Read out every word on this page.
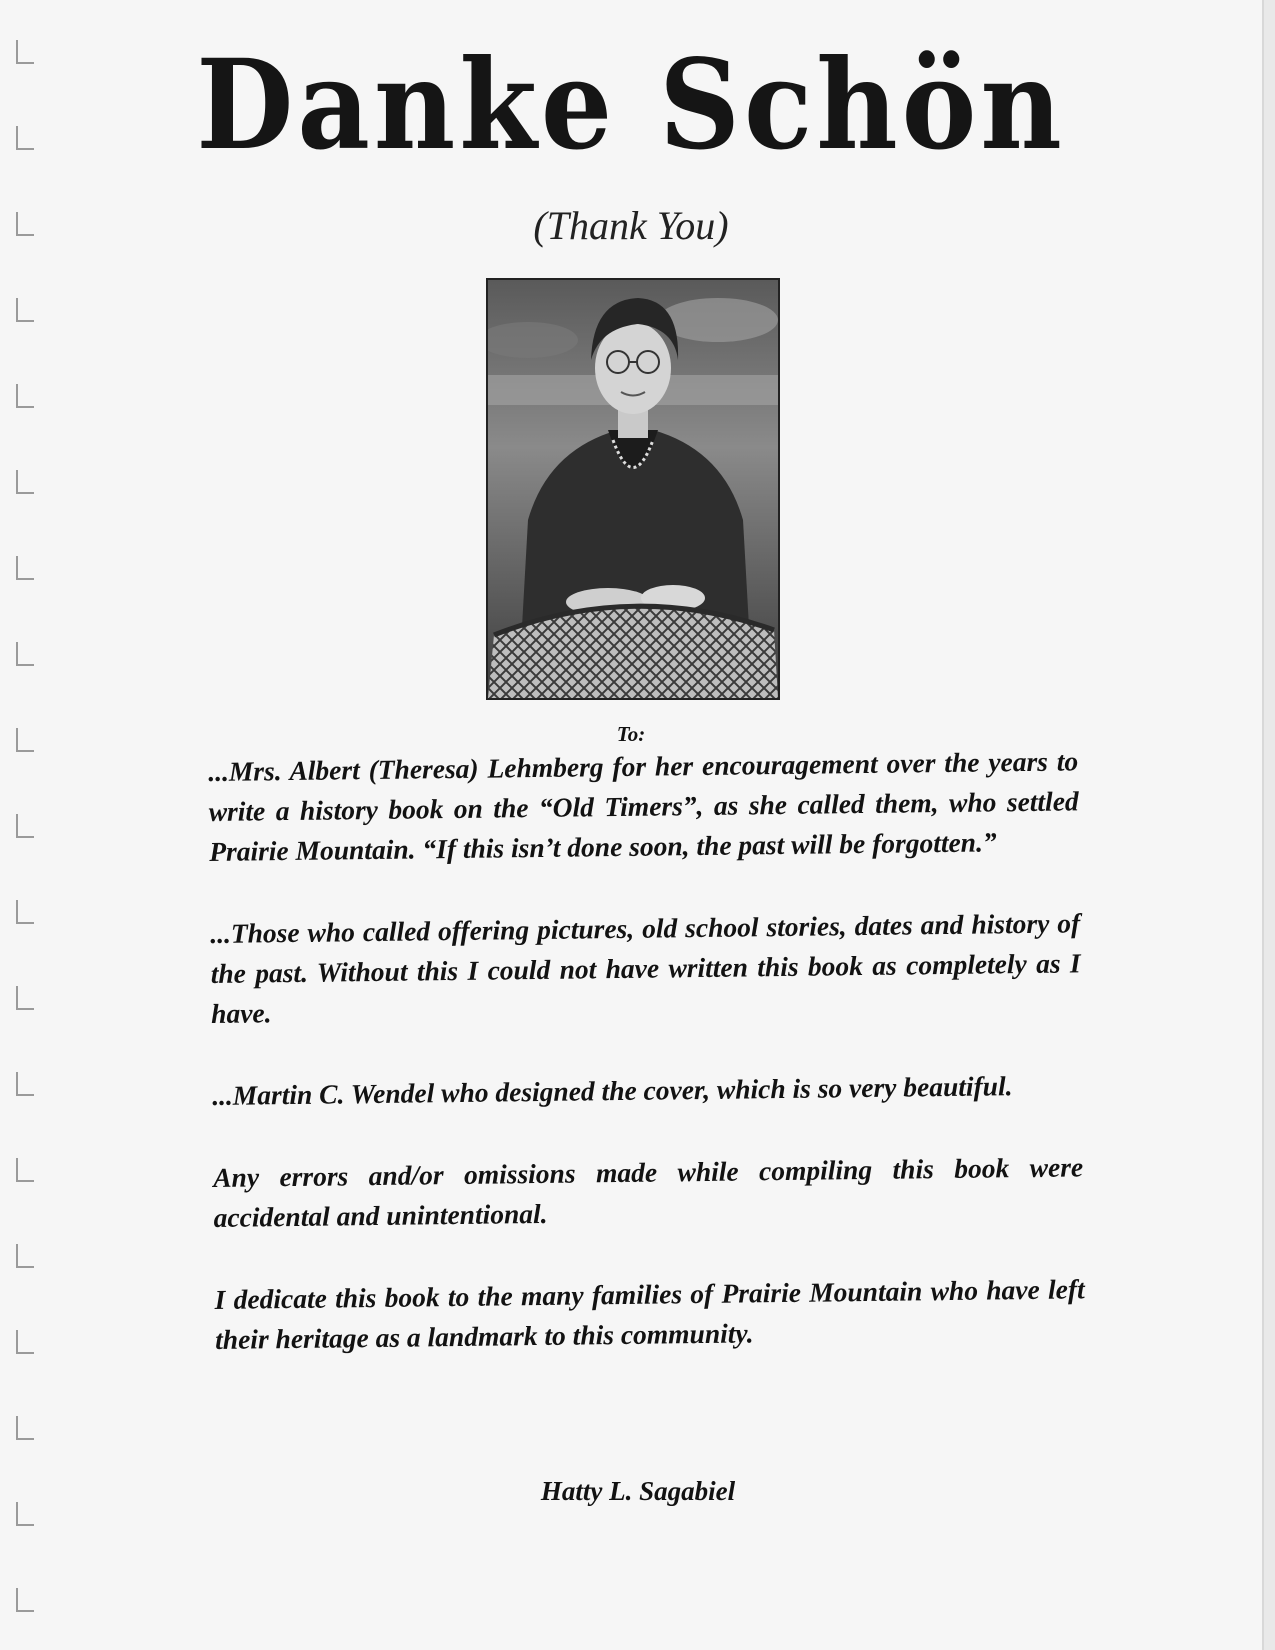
Danke Schön
(Thank You)
To:

...Mrs. Albert (Theresa) Lehmberg for her encouragement over the years to write a history book on the “Old Timers”, as she called them, who settled Prairie Mountain. “If this isn’t done soon, the past will be forgotten.”

...Those who called offering pictures, old school stories, dates and history of the past. Without this I could not have written this book as completely as I have.

...Martin C. Wendel who designed the cover, which is so very beautiful.

Any errors and/or omissions made while compiling this book were accidental and unintentional.

I dedicate this book to the many families of Prairie Mountain who have left their heritage as a landmark to this community.

Hatty L. Sagabiel
